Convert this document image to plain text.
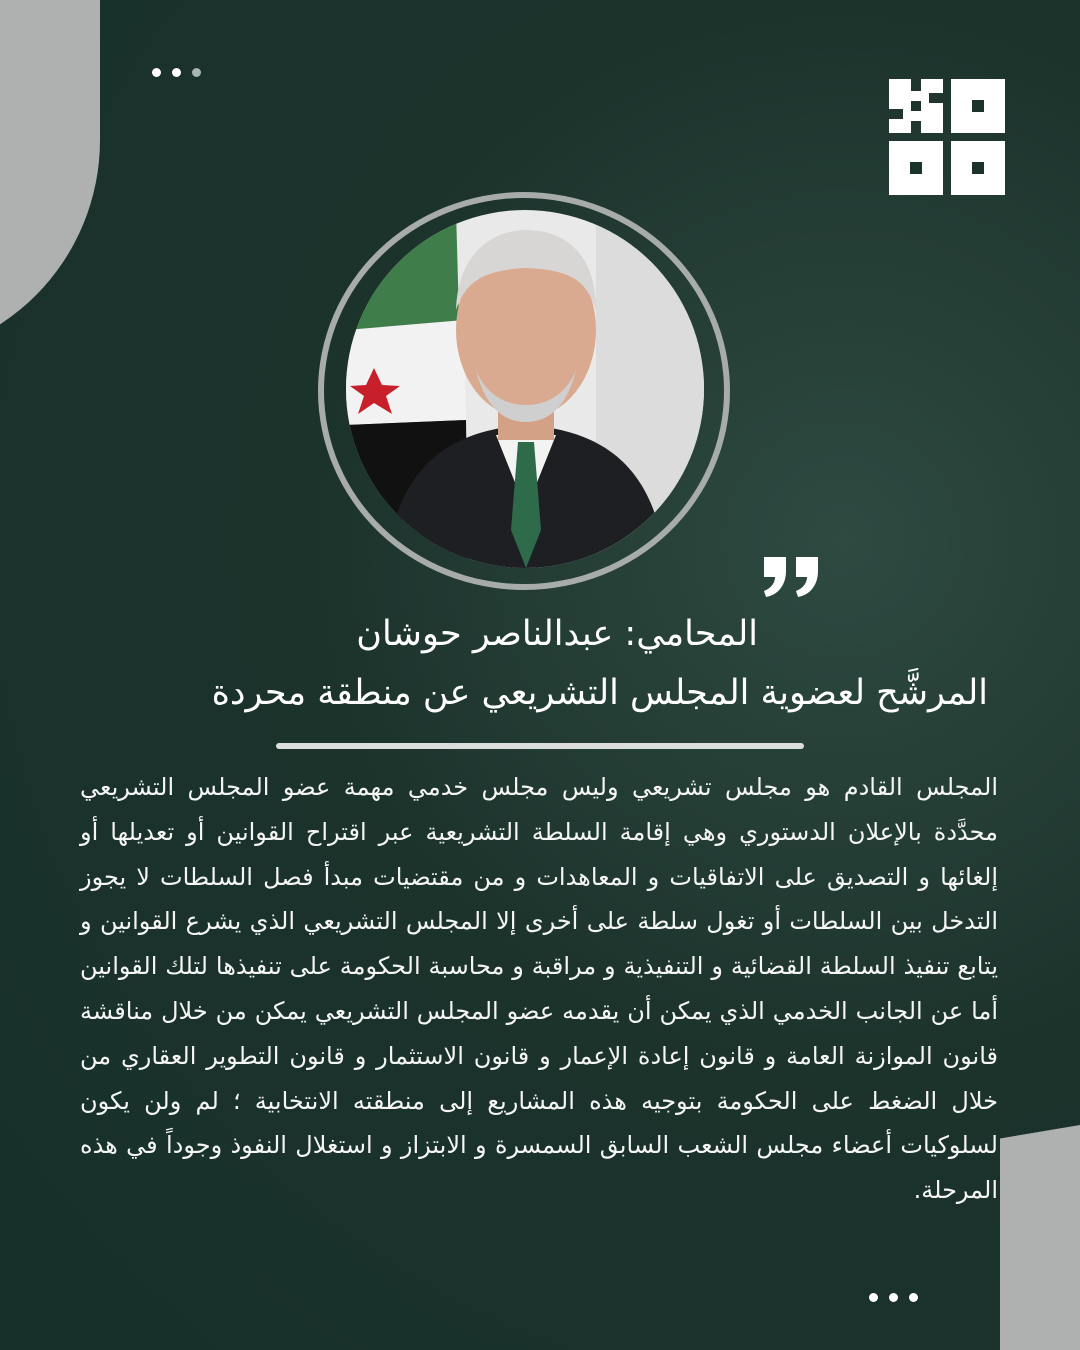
المحامي: عبدالناصر حوشان
المرشَّح لعضوية المجلس التشريعي عن منطقة محردة

المجلس القادم هو مجلس تشريعي وليس مجلس خدمي مهمة عضو المجلس التشريعي محدَّدة بالإعلان الدستوري وهي إقامة السلطة التشريعية عبر اقتراح القوانين أو تعديلها أو إلغائها و التصديق على الاتفاقيات و المعاهدات و من مقتضيات مبدأ فصل السلطات لا يجوز التدخل بين السلطات أو تغول سلطة على أخرى إلا المجلس التشريعي الذي يشرع القوانين و يتابع تنفيذ السلطة القضائية و التنفيذية و مراقبة و محاسبة الحكومة على تنفيذها لتلك القوانين أما عن الجانب الخدمي الذي يمكن أن يقدمه عضو المجلس التشريعي يمكن من خلال مناقشة قانون الموازنة العامة و قانون إعادة الإعمار و قانون الاستثمار و قانون التطوير العقاري من خلال الضغط على الحكومة بتوجيه هذه المشاريع إلى منطقته الانتخابية ؛ لم ولن يكون لسلوكيات أعضاء مجلس الشعب السابق السمسرة و الابتزاز و استغلال النفوذ وجوداً في هذه المرحلة.
